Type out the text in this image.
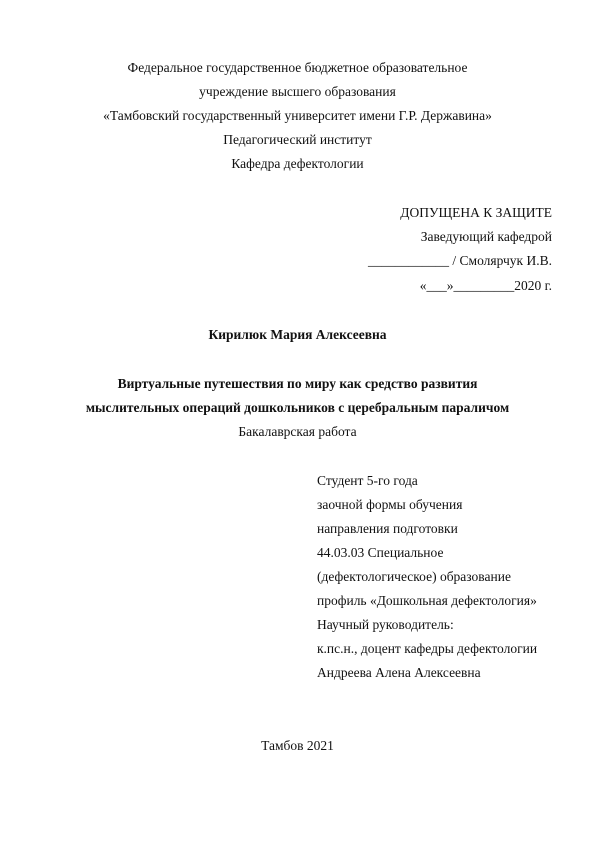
Федеральное государственное бюджетное образовательное
учреждение высшего образования
«Тамбовский государственный университет имени Г.Р. Державина»
Педагогический институт
Кафедра дефектологии
ДОПУЩЕНА К ЗАЩИТЕ
Заведующий кафедрой
____________ / Смолярчук И.В.
«___»_________2020 г.
Кирилюк Мария Алексеевна
Виртуальные путешествия по миру как средство развития
мыслительных операций дошкольников с церебральным параличом
Бакалаврская работа
Студент 5-го года
заочной формы обучения
направления подготовки
44.03.03 Специальное
(дефектологическое) образование
профиль «Дошкольная дефектология»
Научный руководитель:
к.пс.н., доцент кафедры дефектологии
Андреева Алена Алексеевна
Тамбов 2021
